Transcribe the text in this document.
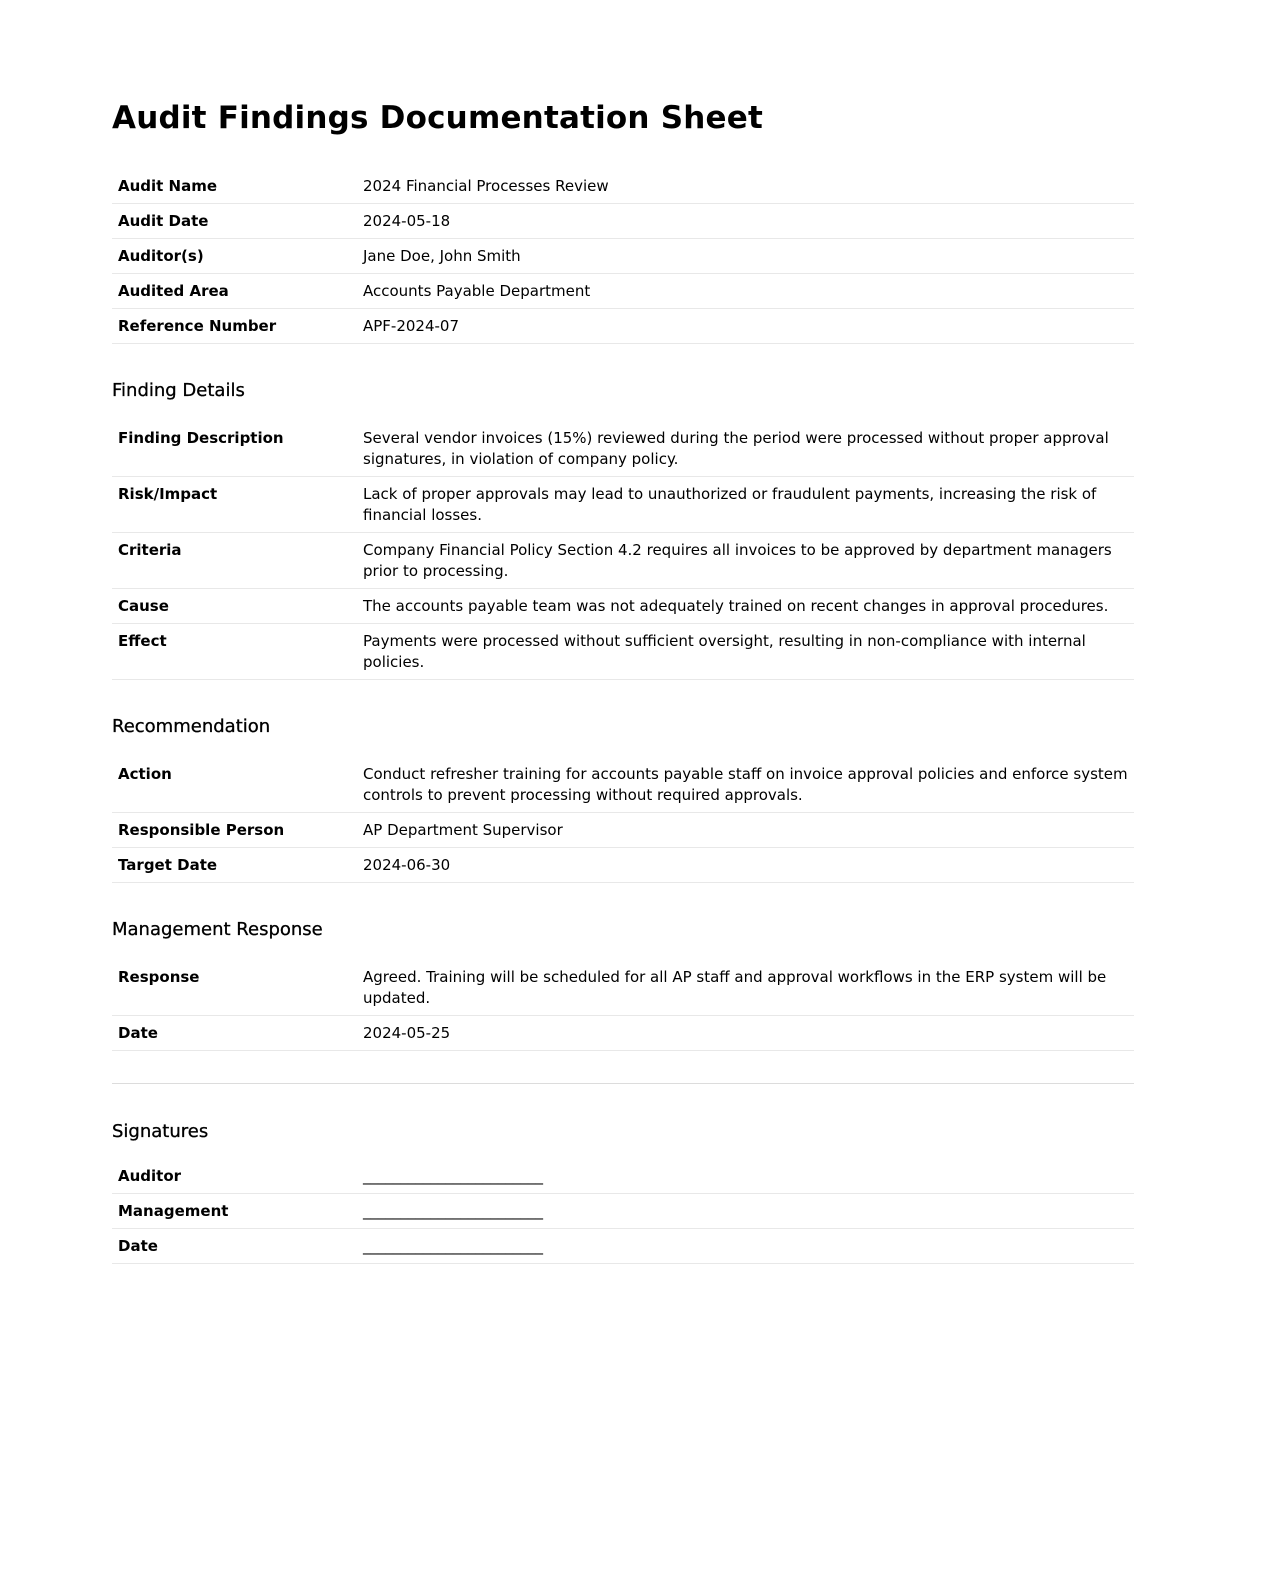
Audit Findings Documentation Sheet
Audit Name	2024 Financial Processes Review
Audit Date	2024-05-18
Auditor(s)	Jane Doe, John Smith
Audited Area	Accounts Payable Department
Reference Number	APF-2024-07
Finding Details
Finding Description	Several vendor invoices (15%) reviewed during the period were processed without proper approval signatures, in violation of company policy.
Risk/Impact	Lack of proper approvals may lead to unauthorized or fraudulent payments, increasing the risk of financial losses.
Criteria	Company Financial Policy Section 4.2 requires all invoices to be approved by department managers prior to processing.
Cause	The accounts payable team was not adequately trained on recent changes in approval procedures.
Effect	Payments were processed without sufficient oversight, resulting in non-compliance with internal policies.
Recommendation
Action	Conduct refresher training for accounts payable staff on invoice approval policies and enforce system controls to prevent processing without required approvals.
Responsible Person	AP Department Supervisor
Target Date	2024-06-30
Management Response
Response	Agreed. Training will be scheduled for all AP staff and approval workflows in the ERP system will be updated.
Date	2024-05-25
Signatures
Auditor	________________________
Management	________________________
Date	________________________
